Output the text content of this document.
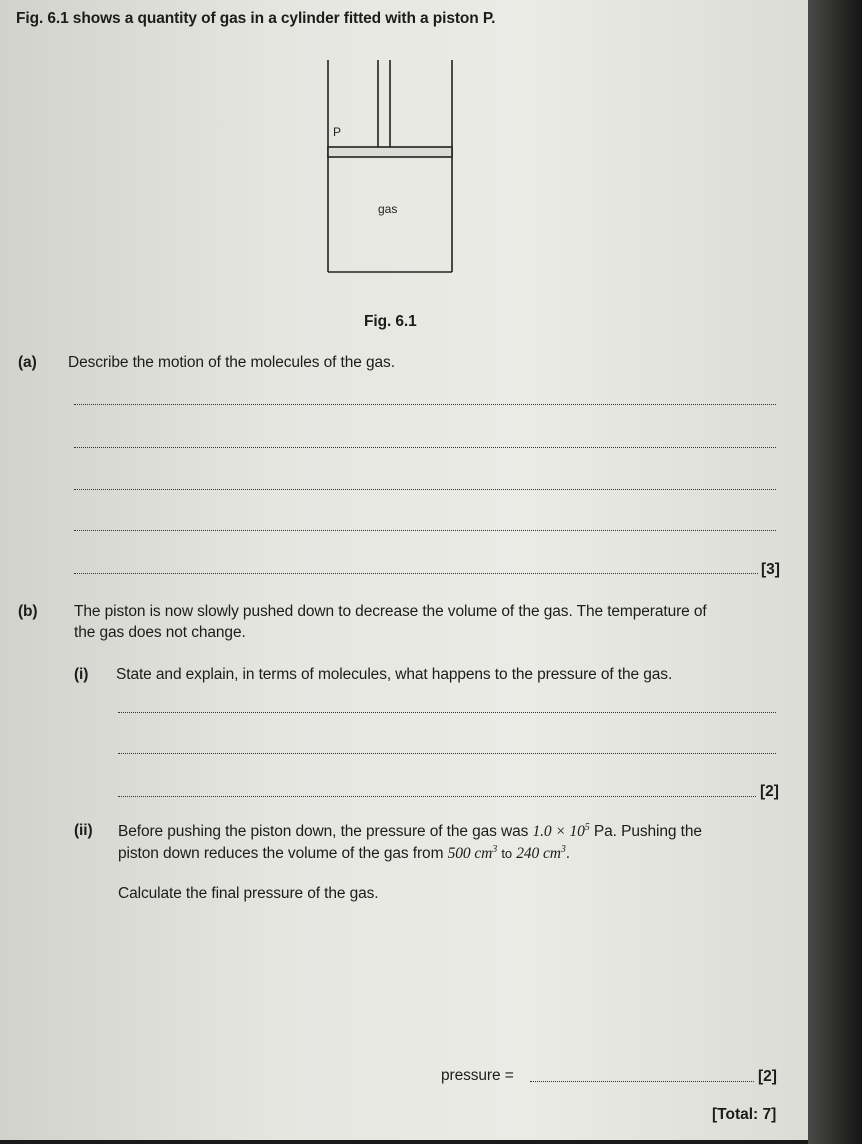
Fig. 6.1 shows a quantity of gas in a cylinder fitted with a piston P.
P
gas
Fig. 6.1
(a) Describe the motion of the molecules of the gas.
[3]
(b) The piston is now slowly pushed down to decrease the volume of the gas. The temperature of
the gas does not change.
(i) State and explain, in terms of molecules, what happens to the pressure of the gas.
[2]
(ii) Before pushing the piston down, the pressure of the gas was $1.0 \times 10^5$ Pa. Pushing the
piston down reduces the volume of the gas from 500 $cm^3$ to 240 $cm^3$.
Calculate the final pressure of the gas.
pressure =	[2]
[Total: 7]
